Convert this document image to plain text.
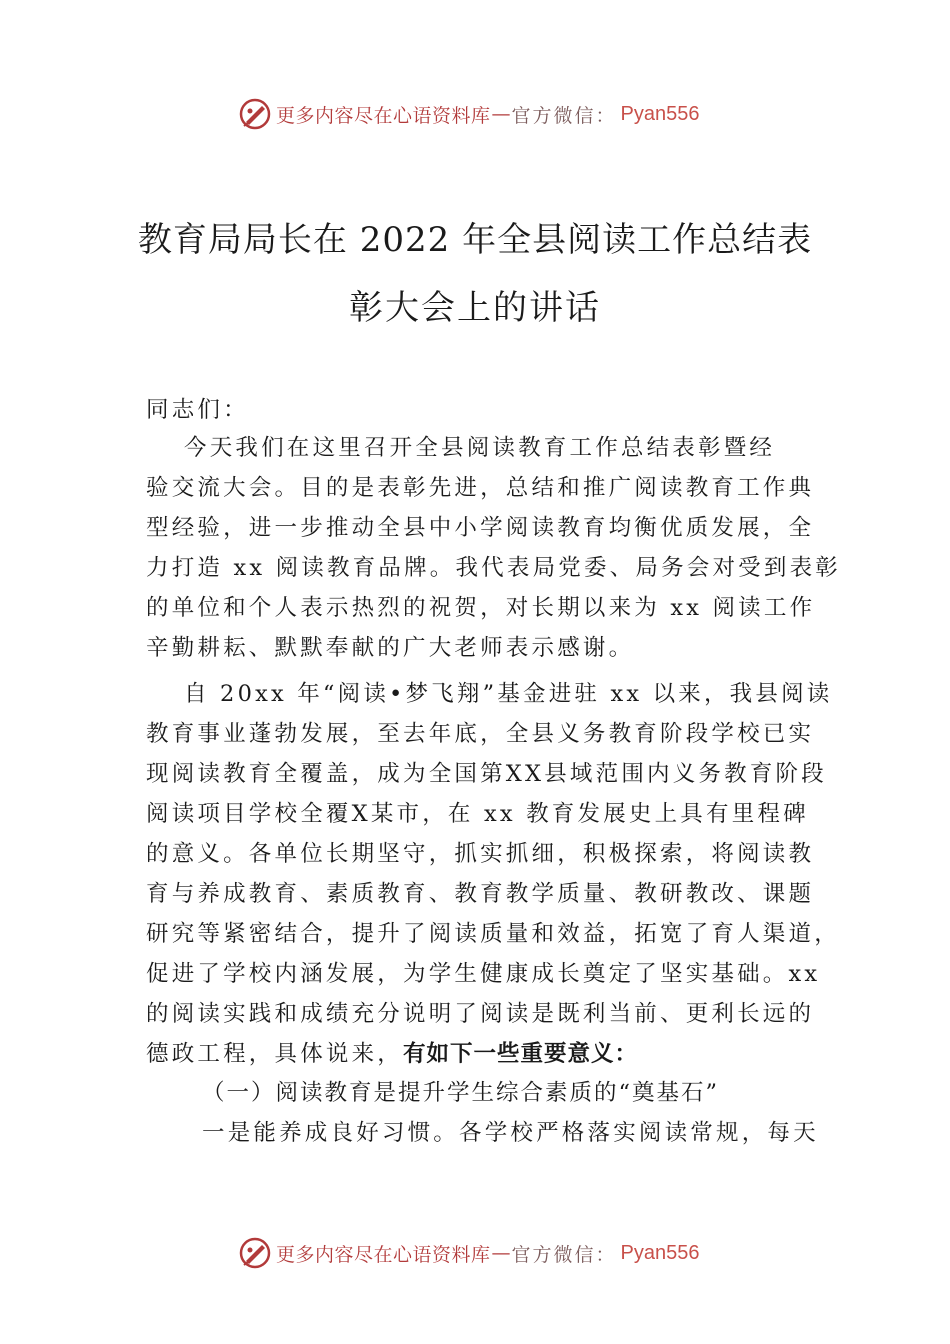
更多内容尽在心语资料库 — 官方微信： Pyan556
教育局局长在 2022 年全县阅读工作总结表
彰大会上的讲话
同志们：
今天我们在这里召开全县阅读教育工作总结表彰暨经
验交流大会。目的是表彰先进，总结和推广阅读教育工作典
型经验，进一步推动全县中小学阅读教育均衡优质发展，全
力打造 xx 阅读教育品牌。我代表局党委、局务会对受到表彰
的单位和个人表示热烈的祝贺，对长期以来为 xx 阅读工作
辛勤耕耘、默默奉献的广大老师表示感谢。
自 20xx 年“阅读•梦飞翔”基金进驻 xx 以来，我县阅读
教育事业蓬勃发展，至去年底，全县义务教育阶段学校已实
现阅读教育全覆盖，成为全国第XX县域范围内义务教育阶段
阅读项目学校全覆X某市，在 xx 教育发展史上具有里程碑
的意义。各单位长期坚守，抓实抓细，积极探索，将阅读教
育与养成教育、素质教育、教育教学质量、教研教改、课题
研究等紧密结合，提升了阅读质量和效益，拓宽了育人渠道，
促进了学校内涵发展，为学生健康成长奠定了坚实基础。xx
的阅读实践和成绩充分说明了阅读是既利当前、更利长远的
德政工程，具体说来，有如下一些重要意义：
（一）阅读教育是提升学生综合素质的“奠基石”
一是能养成良好习惯。各学校严格落实阅读常规，每天
更多内容尽在心语资料库 — 官方微信： Pyan556
